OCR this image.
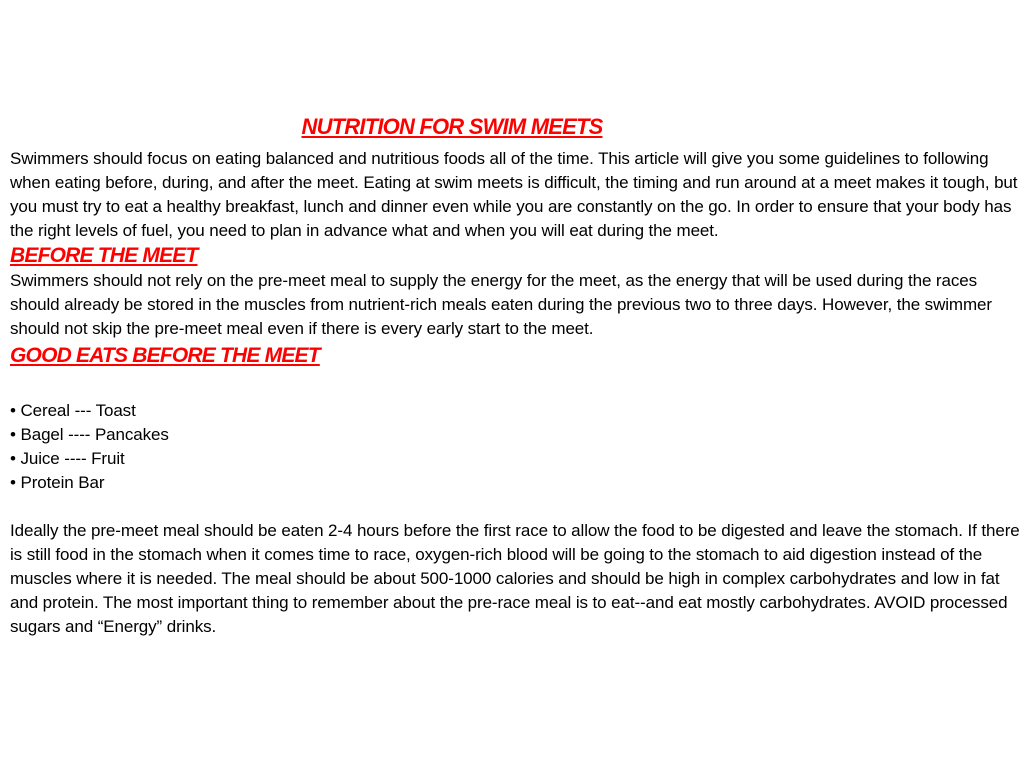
NUTRITION FOR SWIM MEETS

Swimmers should focus on eating balanced and nutritious foods all of the time. This article will give you some guidelines to following when eating before, during, and after the meet. Eating at swim meets is difficult, the timing and run around at a meet makes it tough, but you must try to eat a healthy breakfast, lunch and dinner even while you are constantly on the go. In order to ensure that your body has the right levels of fuel, you need to plan in advance what and when you will eat during the meet.

BEFORE THE MEET

Swimmers should not rely on the pre-meet meal to supply the energy for the meet, as the energy that will be used during the races should already be stored in the muscles from nutrient-rich meals eaten during the previous two to three days. However, the swimmer should not skip the pre-meet meal even if there is every early start to the meet.

GOOD EATS BEFORE THE MEET

• Cereal --- Toast
• Bagel ---- Pancakes
• Juice ---- Fruit
• Protein Bar

Ideally the pre-meet meal should be eaten 2-4 hours before the first race to allow the food to be digested and leave the stomach. If there is still food in the stomach when it comes time to race, oxygen-rich blood will be going to the stomach to aid digestion instead of the muscles where it is needed. The meal should be about 500-1000 calories and should be high in complex carbohydrates and low in fat and protein. The most important thing to remember about the pre-race meal is to eat--and eat mostly carbohydrates. AVOID processed sugars and “Energy” drinks.
